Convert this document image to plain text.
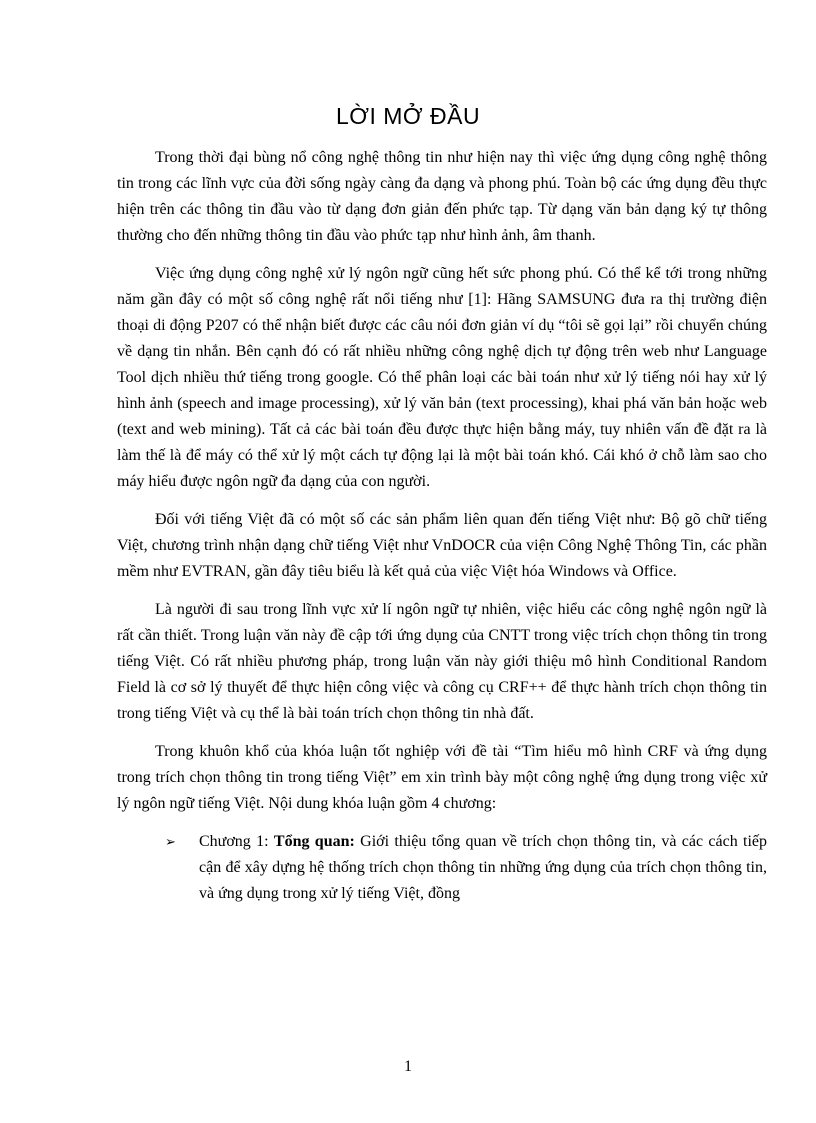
LỜI MỞ ĐẦU

Trong thời đại bùng nổ công nghệ thông tin như hiện nay thì việc ứng dụng công nghệ thông tin trong các lĩnh vực của đời sống ngày càng đa dạng và phong phú. Toàn bộ các ứng dụng đều thực hiện trên các thông tin đầu vào từ dạng đơn giản đến phức tạp. Từ dạng văn bản dạng ký tự thông thường cho đến những thông tin đầu vào phức tạp như hình ảnh, âm thanh.

Việc ứng dụng công nghệ xử lý ngôn ngữ cũng hết sức phong phú. Có thể kể tới trong những năm gần đây có một số công nghệ rất nổi tiếng như [1]: Hãng SAMSUNG đưa ra thị trường điện thoại di động P207 có thể nhận biết được các câu nói đơn giản ví dụ “tôi sẽ gọi lại” rồi chuyển chúng về dạng tin nhắn. Bên cạnh đó có rất nhiều những công nghệ dịch tự động trên web như Language Tool dịch nhiều thứ tiếng trong google. Có thể phân loại các bài toán như xử lý tiếng nói hay xử lý hình ảnh (speech and image processing), xử lý văn bản (text processing), khai phá văn bản hoặc web (text and web mining). Tất cả các bài toán đều được thực hiện bằng máy, tuy nhiên vấn đề đặt ra là làm thế là để máy có thể xử lý một cách tự động lại là một bài toán khó. Cái khó ở chỗ làm sao cho máy hiểu được ngôn ngữ đa dạng của con người.

Đối với tiếng Việt đã có một số các sản phẩm liên quan đến tiếng Việt như: Bộ gõ chữ tiếng Việt, chương trình nhận dạng chữ tiếng Việt như VnDOCR của viện Công Nghệ Thông Tin, các phần mềm như EVTRAN, gần đây tiêu biểu là kết quả của việc Việt hóa Windows và Office.

Là người đi sau trong lĩnh vực xử lí ngôn ngữ tự nhiên, việc hiểu các công nghệ ngôn ngữ là rất cần thiết. Trong luận văn này đề cập tới ứng dụng của CNTT trong việc trích chọn thông tin trong tiếng Việt. Có rất nhiều phương pháp, trong luận văn này giới thiệu mô hình Conditional Random Field là cơ sở lý thuyết để thực hiện công việc và công cụ CRF++ để thực hành trích chọn thông tin trong tiếng Việt và cụ thể là bài toán trích chọn thông tin nhà đất.

Trong khuôn khổ của khóa luận tốt nghiệp với đề tài “Tìm hiểu mô hình CRF và ứng dụng trong trích chọn thông tin trong tiếng Việt” em xin trình bày một công nghệ ứng dụng trong việc xử lý ngôn ngữ tiếng Việt. Nội dung khóa luận gồm 4 chương:

➢ Chương 1: Tổng quan: Giới thiệu tổng quan về trích chọn thông tin, và các cách tiếp cận để xây dựng hệ thống trích chọn thông tin những ứng dụng của trích chọn thông tin, và ứng dụng trong xử lý tiếng Việt, đồng

1
